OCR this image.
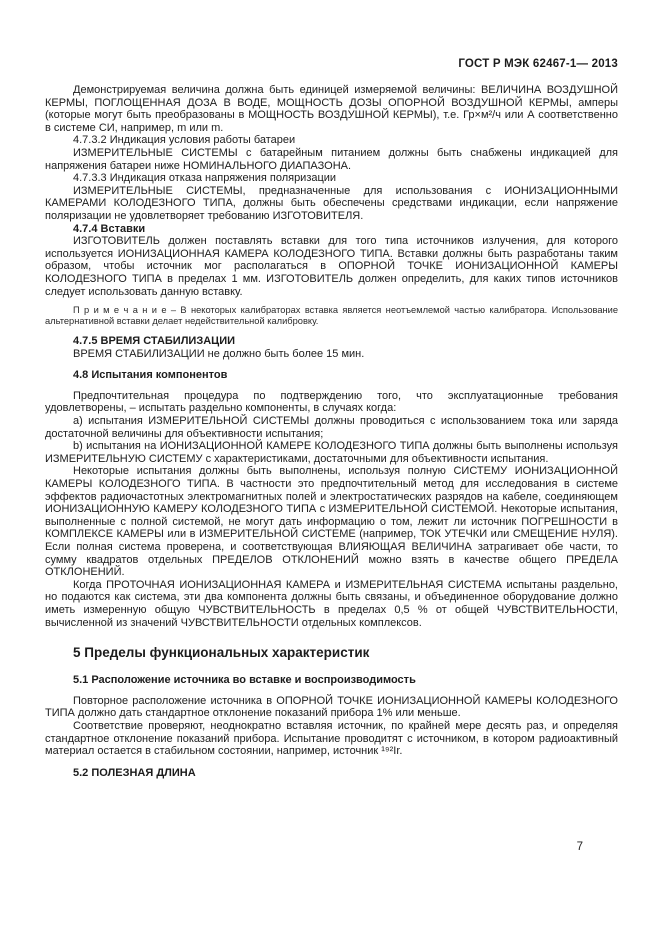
ГОСТ Р МЭК 62467-1— 2013

Демонстрируемая величина должна быть единицей измеряемой величины: ВЕЛИЧИНА ВОЗДУШНОЙ КЕРМЫ, ПОГЛОЩЕННАЯ ДОЗА В ВОДЕ, МОЩНОСТЬ ДОЗЫ ОПОРНОЙ ВОЗДУШНОЙ КЕРМЫ, амперы (которые могут быть преобразованы в МОЩНОСТЬ ВОЗДУШНОЙ КЕРМЫ), т.е. Гр×м²/ч или А соответственно в системе СИ, например, m или m.

4.7.3.2 Индикация условия работы батареи

ИЗМЕРИТЕЛЬНЫЕ СИСТЕМЫ с батарейным питанием должны быть снабжены индикацией для напряжения батареи ниже НОМИНАЛЬНОГО ДИАПАЗОНА.

4.7.3.3 Индикация отказа напряжения поляризации

ИЗМЕРИТЕЛЬНЫЕ СИСТЕМЫ, предназначенные для использования с ИОНИЗАЦИОННЫМИ КАМЕРАМИ КОЛОДЕЗНОГО ТИПА, должны быть обеспечены средствами индикации, если напряжение поляризации не удовлетворяет требованию ИЗГОТОВИТЕЛЯ.

4.7.4 Вставки

ИЗГОТОВИТЕЛЬ должен поставлять вставки для того типа источников излучения, для которого используется ИОНИЗАЦИОННАЯ КАМЕРА КОЛОДЕЗНОГО ТИПА. Вставки должны быть разработаны таким образом, чтобы источник мог располагаться в ОПОРНОЙ ТОЧКЕ ИОНИЗАЦИОННОЙ КАМЕРЫ КОЛОДЕЗНОГО ТИПА в пределах 1 мм. ИЗГОТОВИТЕЛЬ должен определить, для каких типов источников следует использовать данную вставку.

П р и м е ч а н и е – В некоторых калибраторах вставка является неотъемлемой частью калибратора. Использование альтернативной вставки делает недействительной калибровку.

4.7.5 ВРЕМЯ СТАБИЛИЗАЦИИ

ВРЕМЯ СТАБИЛИЗАЦИИ не должно быть более 15 мин.

4.8 Испытания компонентов

Предпочтительная процедура по подтверждению того, что эксплуатационные требования удовлетворены, – испытать раздельно компоненты, в случаях когда:

а) испытания ИЗМЕРИТЕЛЬНОЙ СИСТЕМЫ должны проводиться с использованием тока или заряда достаточной величины для объективности испытания;

b) испытания на ИОНИЗАЦИОННОЙ КАМЕРЕ КОЛОДЕЗНОГО ТИПА должны быть выполнены используя ИЗМЕРИТЕЛЬНУЮ СИСТЕМУ с характеристиками, достаточными для объективности испытания.

Некоторые испытания должны быть выполнены, используя полную СИСТЕМУ ИОНИЗАЦИОННОЙ КАМЕРЫ КОЛОДЕЗНОГО ТИПА. В частности это предпочтительный метод для исследования в системе эффектов радиочастотных электромагнитных полей и электростатических разрядов на кабеле, соединяющем ИОНИЗАЦИОННУЮ КАМЕРУ КОЛОДЕЗНОГО ТИПА с ИЗМЕРИТЕЛЬНОЙ СИСТЕМОЙ. Некоторые испытания, выполненные с полной системой, не могут дать информацию о том, лежит ли источник ПОГРЕШНОСТИ в КОМПЛЕКСЕ КАМЕРЫ или в ИЗМЕРИТЕЛЬНОЙ СИСТЕМЕ (например, ТОК УТЕЧКИ или СМЕЩЕНИЕ НУЛЯ). Если полная система проверена, и соответствующая ВЛИЯЮЩАЯ ВЕЛИЧИНА затрагивает обе части, то сумму квадратов отдельных ПРЕДЕЛОВ ОТКЛОНЕНИЙ можно взять в качестве общего ПРЕДЕЛА ОТКЛОНЕНИЙ.

Когда ПРОТОЧНАЯ ИОНИЗАЦИОННАЯ КАМЕРА и ИЗМЕРИТЕЛЬНАЯ СИСТЕМА испытаны раздельно, но подаются как система, эти два компонента должны быть связаны, и объединенное оборудование должно иметь измеренную общую ЧУВСТВИТЕЛЬНОСТЬ в пределах 0,5 % от общей ЧУВСТВИТЕЛЬНОСТИ, вычисленной из значений ЧУВСТВИТЕЛЬНОСТИ отдельных комплексов.

5 Пределы функциональных характеристик

5.1 Расположение источника во вставке и воспроизводимость

Повторное расположение источника в ОПОРНОЙ ТОЧКЕ ИОНИЗАЦИОННОЙ КАМЕРЫ КОЛОДЕЗНОГО ТИПА должно дать стандартное отклонение показаний прибора 1% или меньше.

Соответствие проверяют, неоднократно вставляя источник, по крайней мере десять раз, и определяя стандартное отклонение показаний прибора. Испытание проводитят с источником, в котором радиоактивный материал остается в стабильном состоянии, например, источник ¹⁹²Ir.

5.2 ПОЛЕЗНАЯ ДЛИНА

7
